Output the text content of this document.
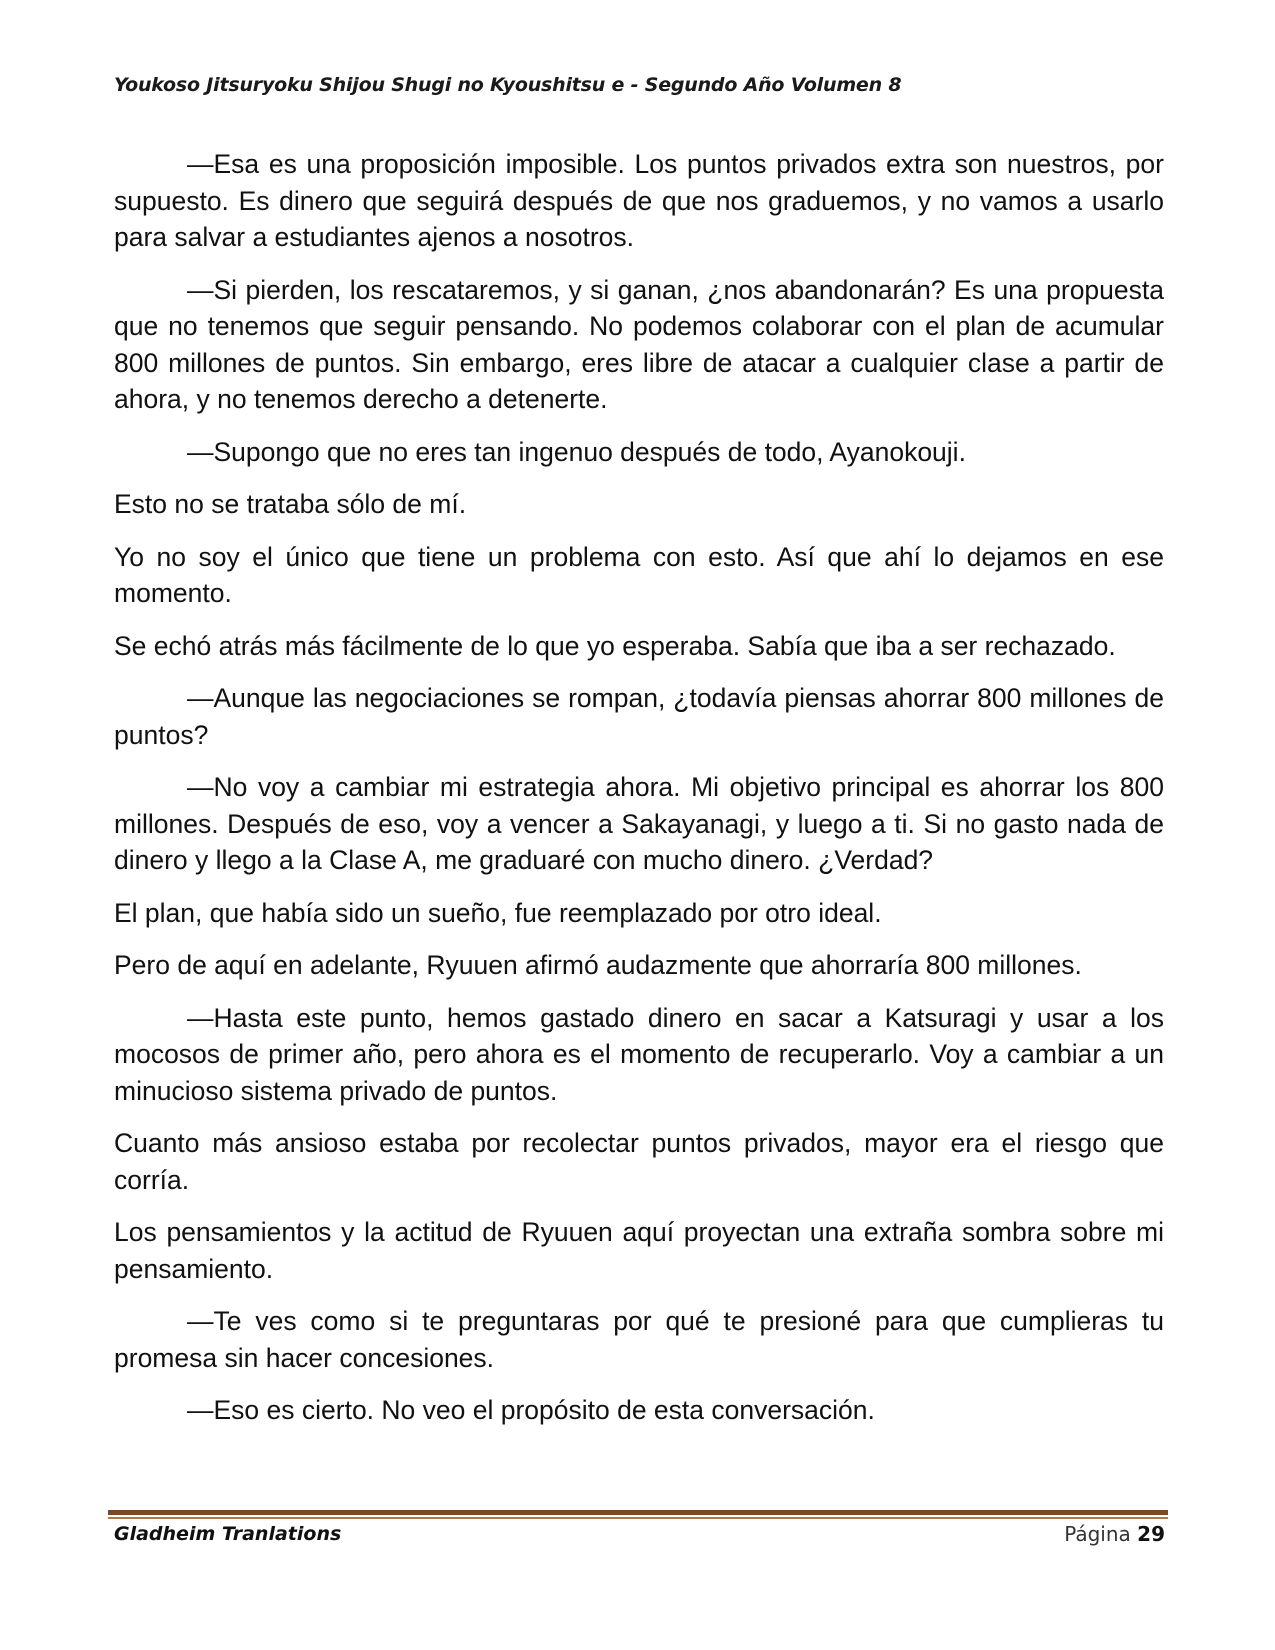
Youkoso Jitsuryoku Shijou Shugi no Kyoushitsu e - Segundo Año Volumen 8

—Esa es una proposición imposible. Los puntos privados extra son nuestros, por supuesto. Es dinero que seguirá después de que nos graduemos, y no vamos a usarlo para salvar a estudiantes ajenos a nosotros.

—Si pierden, los rescataremos, y si ganan, ¿nos abandonarán? Es una propuesta que no tenemos que seguir pensando. No podemos colaborar con el plan de acumular 800 millones de puntos. Sin embargo, eres libre de atacar a cualquier clase a partir de ahora, y no tenemos derecho a detenerte.

—Supongo que no eres tan ingenuo después de todo, Ayanokouji.

Esto no se trataba sólo de mí.

Yo no soy el único que tiene un problema con esto. Así que ahí lo dejamos en ese momento.

Se echó atrás más fácilmente de lo que yo esperaba. Sabía que iba a ser rechazado.

—Aunque las negociaciones se rompan, ¿todavía piensas ahorrar 800 millones de puntos?

—No voy a cambiar mi estrategia ahora. Mi objetivo principal es ahorrar los 800 millones. Después de eso, voy a vencer a Sakayanagi, y luego a ti. Si no gasto nada de dinero y llego a la Clase A, me graduaré con mucho dinero. ¿Verdad?

El plan, que había sido un sueño, fue reemplazado por otro ideal.

Pero de aquí en adelante, Ryuuen afirmó audazmente que ahorraría 800 millones.

—Hasta este punto, hemos gastado dinero en sacar a Katsuragi y usar a los mocosos de primer año, pero ahora es el momento de recuperarlo. Voy a cambiar a un minucioso sistema privado de puntos.

Cuanto más ansioso estaba por recolectar puntos privados, mayor era el riesgo que corría.

Los pensamientos y la actitud de Ryuuen aquí proyectan una extraña sombra sobre mi pensamiento.

—Te ves como si te preguntaras por qué te presioné para que cumplieras tu promesa sin hacer concesiones.

—Eso es cierto. No veo el propósito de esta conversación.

Gladheim Tranlations	Página 29
